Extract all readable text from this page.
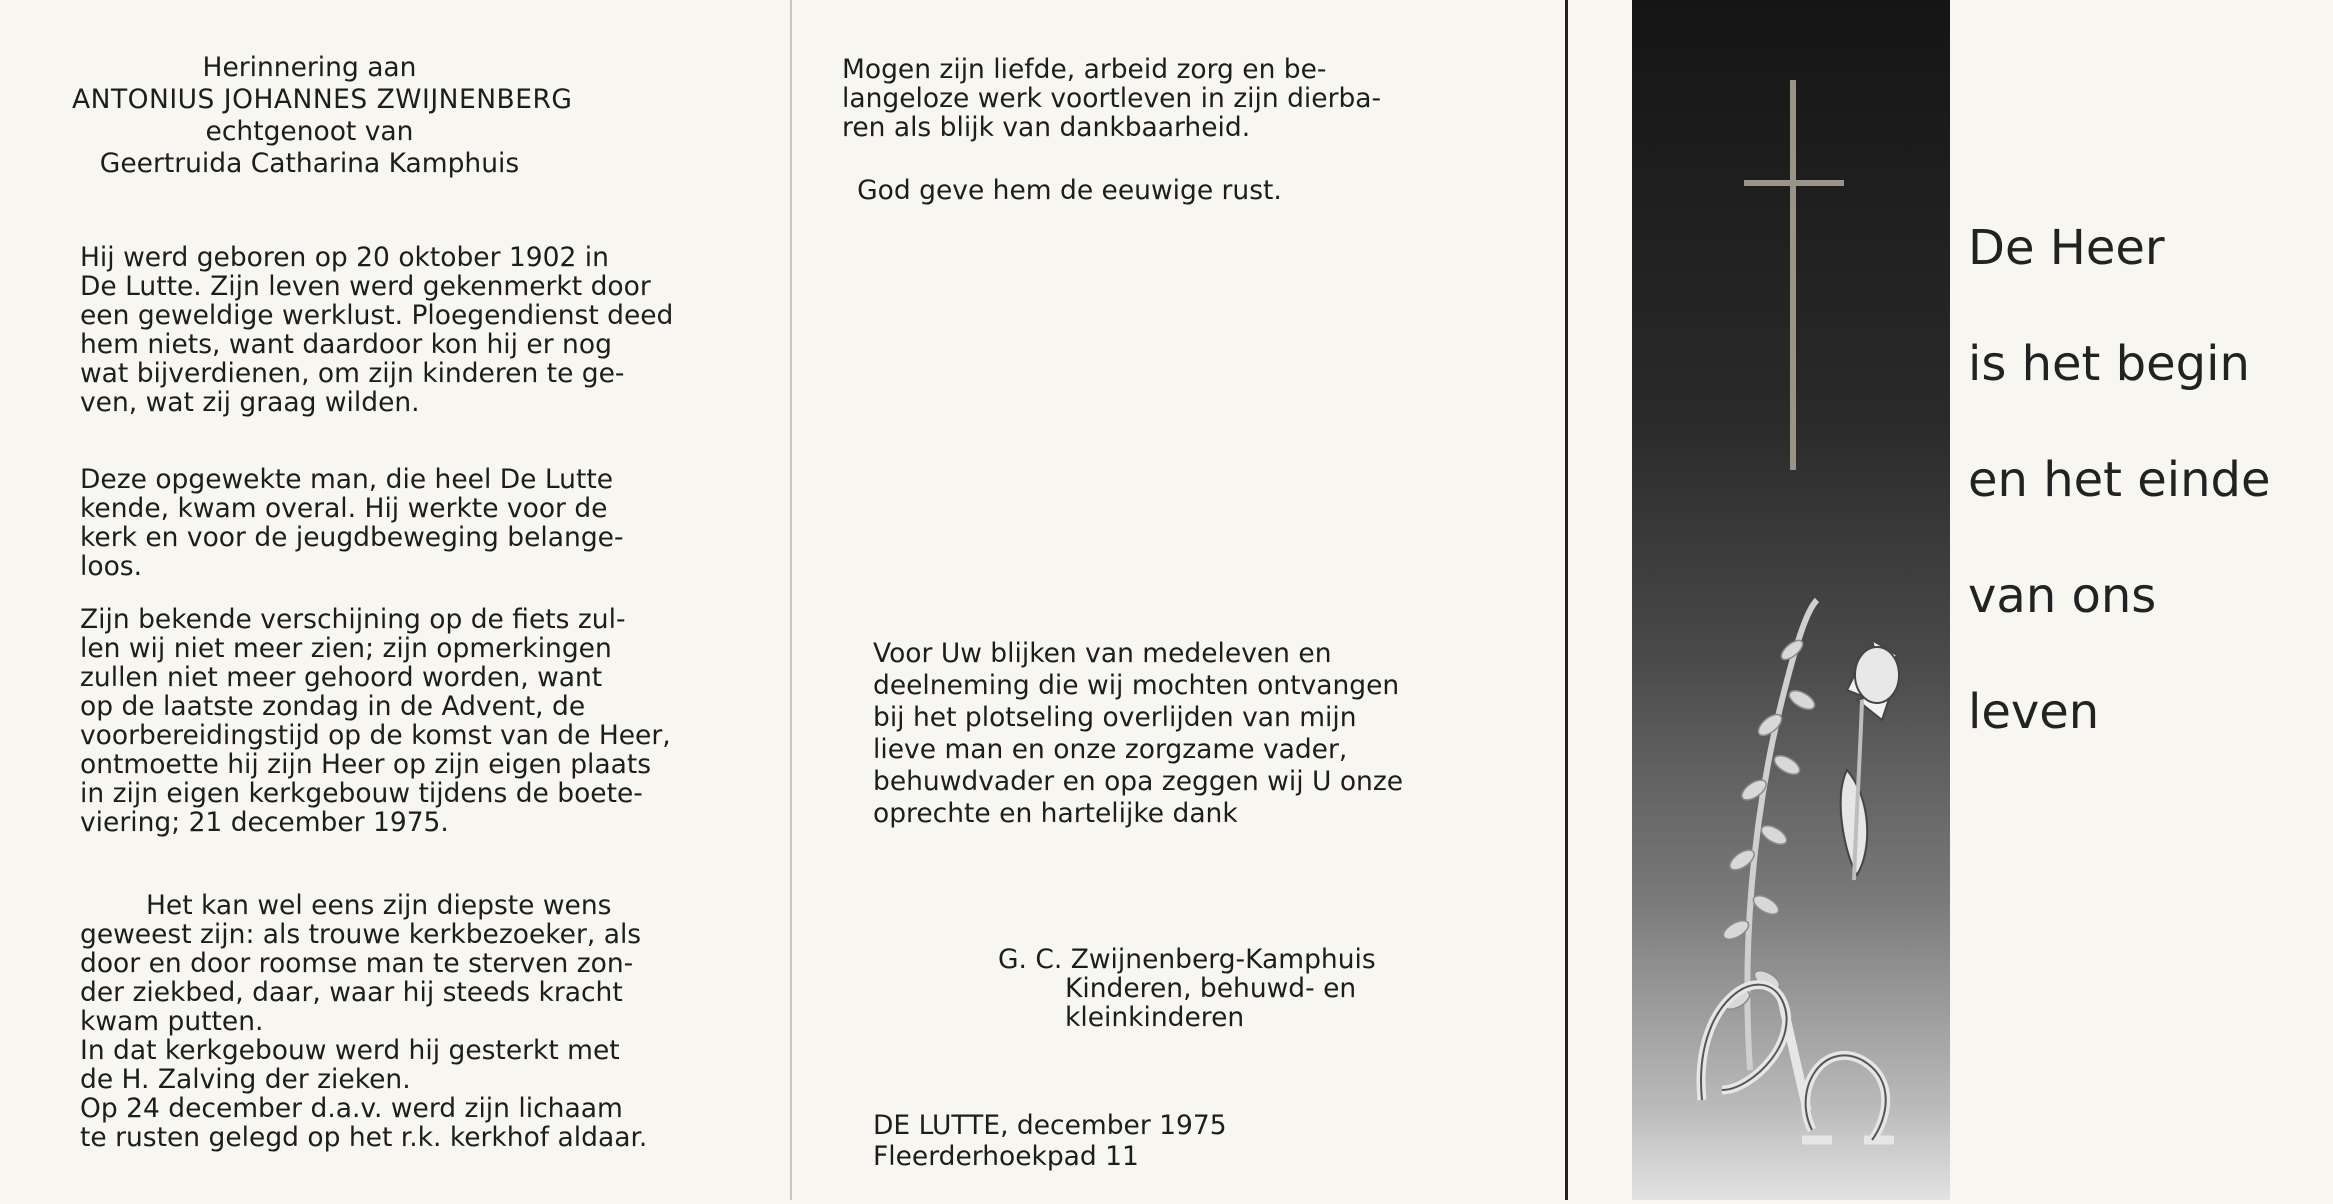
Herinnering aan
ANTONIUS JOHANNES ZWIJNENBERG
echtgenoot van
Geertruida Catharina Kamphuis
Hij werd geboren op 20 oktober 1902 in
De Lutte. Zijn leven werd gekenmerkt door
een geweldige werklust. Ploegendienst deed
hem niets, want daardoor kon hij er nog
wat bijverdienen, om zijn kinderen te ge-
ven, wat zij graag wilden.
Deze opgewekte man, die heel De Lutte
kende, kwam overal. Hij werkte voor de
kerk en voor de jeugdbeweging belange-
loos.
Zijn bekende verschijning op de fiets zul-
len wij niet meer zien; zijn opmerkingen
zullen niet meer gehoord worden, want
op de laatste zondag in de Advent, de
voorbereidingstijd op de komst van de Heer,
ontmoette hij zijn Heer op zijn eigen plaats
in zijn eigen kerkgebouw tijdens de boete-
viering; 21 december 1975.
Het kan wel eens zijn diepste wens
geweest zijn: als trouwe kerkbezoeker, als
door en door roomse man te sterven zon-
der ziekbed, daar, waar hij steeds kracht
kwam putten.
In dat kerkgebouw werd hij gesterkt met
de H. Zalving der zieken.
Op 24 december d.a.v. werd zijn lichaam
te rusten gelegd op het r.k. kerkhof aldaar.
Mogen zijn liefde, arbeid zorg en be-
langeloze werk voortleven in zijn dierba-
ren als blijk van dankbaarheid.
God geve hem de eeuwige rust.
Voor Uw blijken van medeleven en
deelneming die wij mochten ontvangen
bij het plotseling overlijden van mijn
lieve man en onze zorgzame vader,
behuwdvader en opa zeggen wij U onze
oprechte en hartelijke dank
G. C. Zwijnenberg-Kamphuis
Kinderen, behuwd- en
kleinkinderen
DE LUTTE, december 1975
Fleerderhoekpad 11
De Heer
is het begin
en het einde
van ons
leven
